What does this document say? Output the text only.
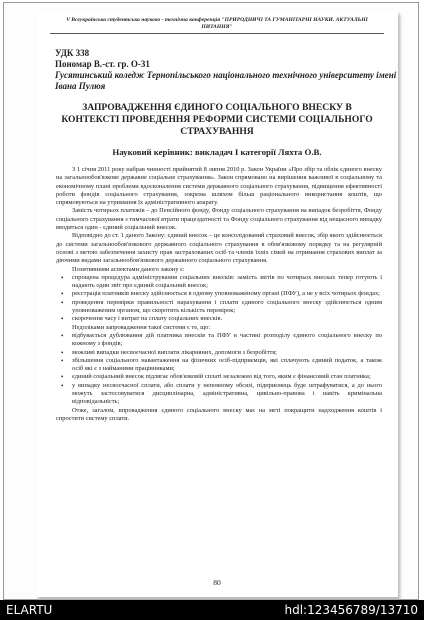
V Всеукраїнська студентська науково - технічна конференція "ПРИРОДНИЧІ ТА ГУМАНІТАРНІ НАУКИ. АКТУАЛЬНІ ПИТАННЯ"
УДК 338
Пономар В.-ст. гр. О-31
Гусятинський коледж Тернопільського національного технічного університету імені Івана Пулюя
ЗАПРОВАДЖЕННЯ ЄДИНОГО СОЦІАЛЬНОГО ВНЕСКУ В КОНТЕКСТІ ПРОВЕДЕННЯ РЕФОРМИ СИСТЕМИ СОЦІАЛЬНОГО СТРАХУВАННЯ
Науковий керівник: викладач І категорії Ляхта О.В.

З 1 січня 2011 року набрав чинності прийнятий 8 липня 2010 р. Закон України «Про збір та облік єдиного внеску на загальнообов'язкове державне соціальне страхування». Закон спрямовано на вирішення важливої в соціальному та економічному плані проблеми вдосконалення системи державного соціального страхування, підвищення ефективності роботи фондів соціального страхування, зокрема шляхом більш раціонального використання коштів, що спрямовуються на утримання їх адміністративного апарату.

Замість чотирьох платежів – до Пенсійного фонду, Фонду соціального страхування на випадок безробіття, Фонду соціального страхування з тимчасової втрати працездатності та Фонду соціального страхування від нещасного випадку вводиться один - єдиний соціальний внесок.

Відповідно до ст. 1 даного Закону: єдиний внесок – це консолідований страховий внесок, збір якого здійснюється до системи загальнообов'язкового державного соціального страхування в обов'язковому порядку та на регулярній основі з метою забезпечення захисту прав застрахованих осіб та членів їхніх сімей на отримання страхових виплат за діючими видами загальнообов'язкового державного соціального страхування.

Позитивними аспектами даного закону є:

• спрощена процедура адміністрування соціальних внесків: замість звітів по чотирьох внесках тепер готують і надають один звіт про єдиний соціальний внесок;

• реєстрація платників внеску здійснюється в одному уповноваженому органі (ПФУ), а не у всіх чотирьох фондах;

• проведення перевірки правильності нарахування і сплати єдиного соціального внеску здійснюється одним уповноваженим органом, що скоротить кількість перевірок;

• скорочення часу і витрат на сплату соціальних внесків.

Недоліками запровадження такої системи є те, що:

• відбувається дублювання дій платника внесків та ПФУ в частині розподілу єдиного соціального внеску по кожному з фондів;

• можливі випадки несвоєчасної виплати лікарняних, допомоги з безробіття;

• збільшення соціального навантаження на фізичних осіб-підприємців, які сплачують єдиний податок, а також осіб які є з найманими працівниками;

• єдиний соціальний внесок підлягає обов'язковій сплаті незалежно від того, яким є фінансовий стан платника;

• у випадку несвоєчасної сплати, або сплати у неповному обсязі, підприємець буде штрафуватися, а до нього можуть застосовуватися дисциплінарна, адміністративна, цивільно-правова і навіть кримінальна відповідальність;

Отже, загалом, впровадження єдиного соціального внеску має на меті покращити надходження коштів і спростити систему сплати.

80
ELARTU	hdl:123456789/13710
